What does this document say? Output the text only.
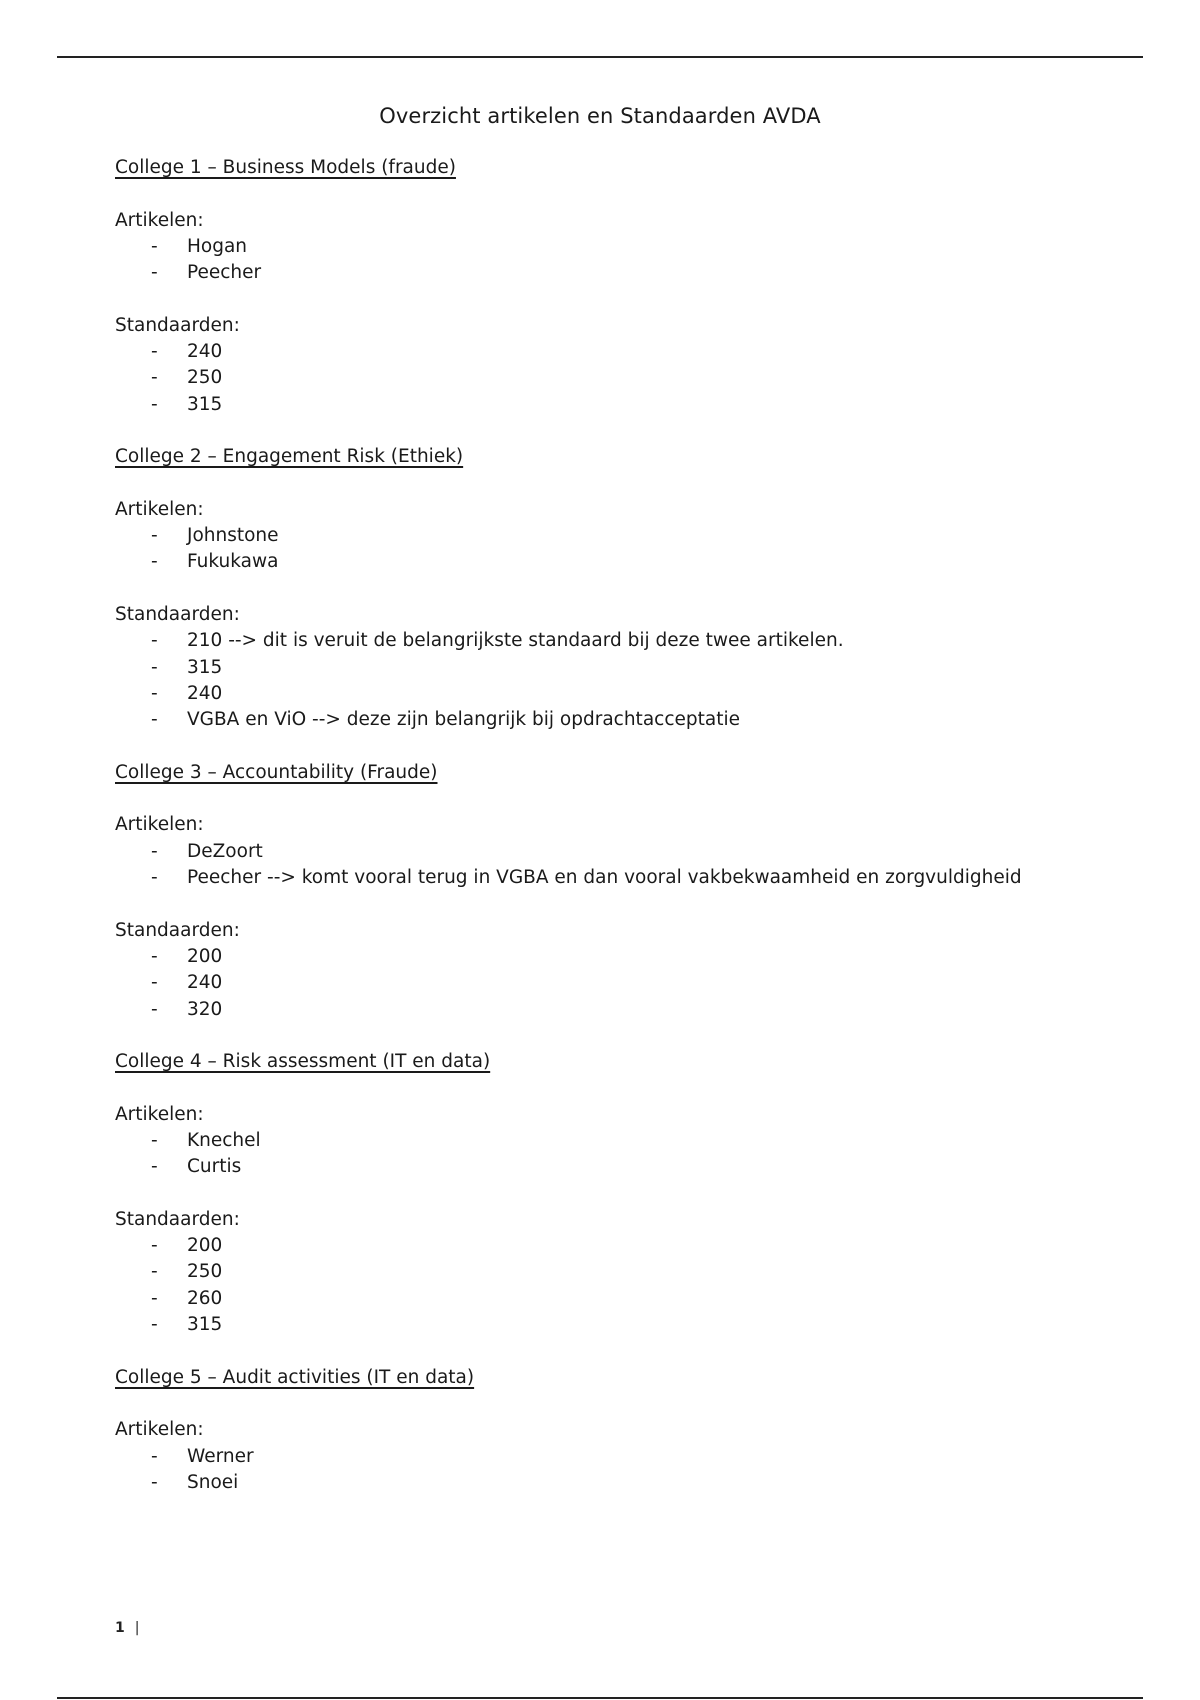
Overzicht artikelen en Standaarden AVDA
College 1 – Business Models (fraude)

Artikelen:

- Hogan
- Peecher

Standaarden:

- 240
- 250
- 315
College 2 – Engagement Risk (Ethiek)

Artikelen:

- Johnstone
- Fukukawa

Standaarden:

- 210 --> dit is veruit de belangrijkste standaard bij deze twee artikelen.
- 315
- 240
- VGBA en ViO --> deze zijn belangrijk bij opdrachtacceptatie
College 3 – Accountability (Fraude)

Artikelen:

- DeZoort
- Peecher --> komt vooral terug in VGBA en dan vooral vakbekwaamheid en zorgvuldigheid

Standaarden:

- 200
- 240
- 320
College 4 – Risk assessment (IT en data)

Artikelen:

- Knechel
- Curtis

Standaarden:

- 200
- 250
- 260
- 315
College 5 – Audit activities (IT en data)

Artikelen:

- Werner
- Snoei
1 |
